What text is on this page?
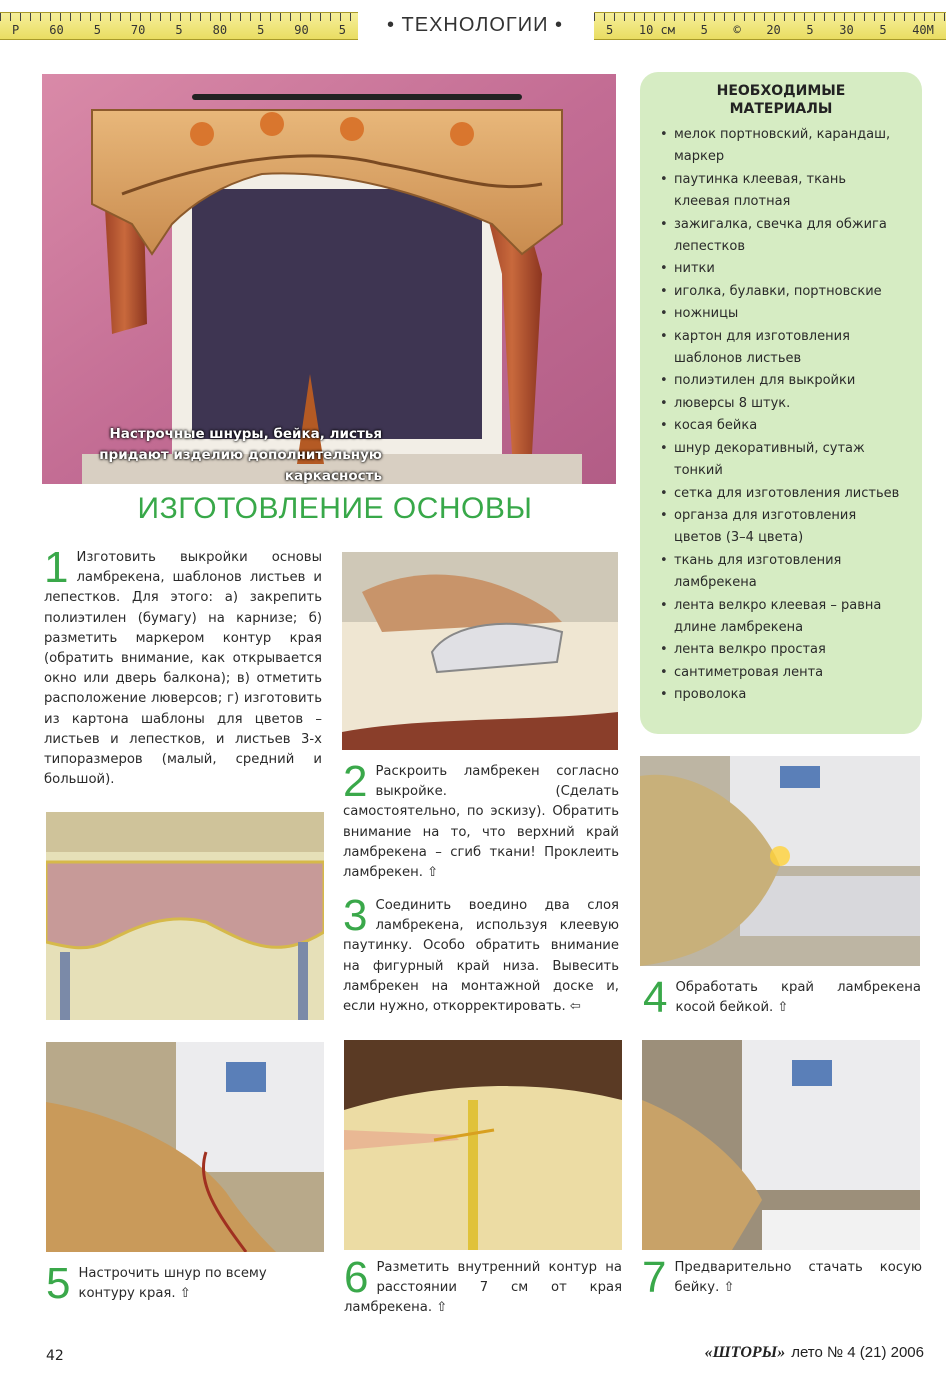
P	60	5	70	5	80	5	90	5	• ТЕХНОЛОГИИ •	5 10 см 5 © 20 5 30 5 40М
Настрочные шнуры, бейка, листья придают изделию дополнительную каркасность
НЕОБХОДИМЫЕ МАТЕРИАЛЫ
• мелок портновский, карандаш, маркер
• паутинка клеевая, ткань клеевая плотная
• зажигалка, свечка для обжига лепестков
• нитки
• иголка, булавки, портновские
• ножницы
• картон для изготовления шаблонов листьев
• полиэтилен для выкройки
• люверсы 8 штук.
• косая бейка
• шнур декоративный, сутаж тонкий
• сетка для изготовления листьев
• органза для изготовления цветов (3–4 цвета)
• ткань для изготовления ламбрекена
• лента велкро клеевая – равна длине ламбрекена
• лента велкро простая
• сантиметровая лента
• проволока
ИЗГОТОВЛЕНИЕ ОСНОВЫ
1 Изготовить выкройки основы ламбрекена, шаблонов листьев и лепестков. Для этого: а) закрепить полиэтилен (бумагу) на карнизе; б) разметить маркером контур края (обратить внимание, как открывается окно или дверь балкона); в) отметить расположение люверсов; г) изготовить из картона шаблоны для цветов – листьев и лепестков, и листьев 3-х типоразмеров (малый, средний и большой).	2 Раскроить ламбрекен согласно выкройке. (Сделать самостоятельно, по эскизу). Обратить внимание на то, что верхний край ламбрекена – сгиб ткани! Проклеить ламбрекен. ⇧
3 Соединить воедино два слоя ламбрекена, используя клеевую паутинку. Особо обратить внимание на фигурный край низа. Вывесить ламбрекен на монтажной доске и, если нужно, откорректировать. ⇦	4 Обработать край ламбрекена косой бейкой. ⇧
5 Настрочить шнур по всему контуру края. ⇧	6 Разметить внутренний контур на расстоянии 7 см от края ламбрекена. ⇧
7 Предварительно стачать косую бейку. ⇧
42	«ШТОРЫ» лето № 4 (21) 2006
